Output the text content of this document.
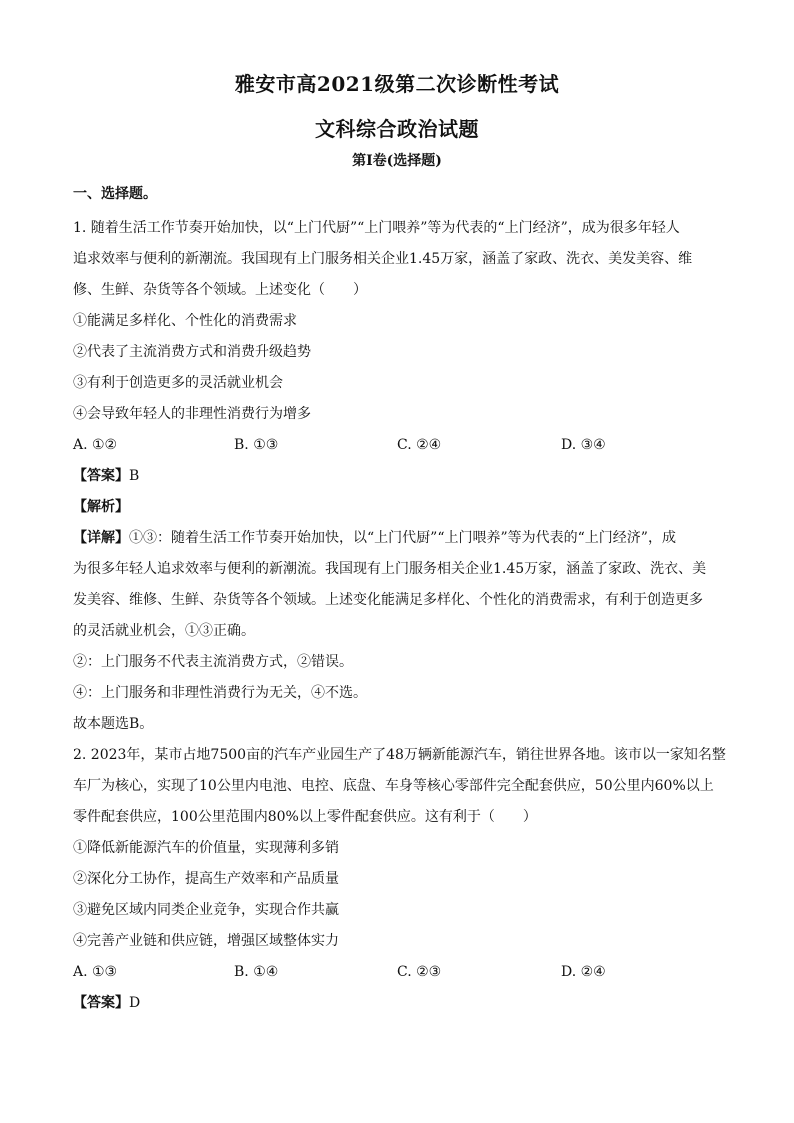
雅安市高2021级第二次诊断性考试
文科综合政治试题
第Ⅰ卷(选择题)
一、选择题。
1. 随着生活工作节奏开始加快，以“上门代厨”“上门喂养”等为代表的“上门经济”，成为很多年轻人
追求效率与便利的新潮流。我国现有上门服务相关企业1.45万家，涵盖了家政、洗衣、美发美容、维
修、生鲜、杂货等各个领域。上述变化（　　）
①能满足多样化、个性化的消费需求
②代表了主流消费方式和消费升级趋势
③有利于创造更多的灵活就业机会
④会导致年轻人的非理性消费行为增多
A. ①②	B. ①③	C. ②④	D. ③④
【答案】B
【解析】
【详解】①③：随着生活工作节奏开始加快，以“上门代厨”“上门喂养”等为代表的“上门经济”，成
为很多年轻人追求效率与便利的新潮流。我国现有上门服务相关企业1.45万家，涵盖了家政、洗衣、美
发美容、维修、生鲜、杂货等各个领域。上述变化能满足多样化、个性化的消费需求，有利于创造更多
的灵活就业机会，①③正确。
②：上门服务不代表主流消费方式，②错误。
④：上门服务和非理性消费行为无关，④不选。
故本题选B。
2. 2023年，某市占地7500亩的汽车产业园生产了48万辆新能源汽车，销往世界各地。该市以一家知名整
车厂为核心，实现了10公里内电池、电控、底盘、车身等核心零部件完全配套供应，50公里内60%以上
零件配套供应，100公里范围内80%以上零件配套供应。这有利于（　　）
①降低新能源汽车的价值量，实现薄利多销
②深化分工协作，提高生产效率和产品质量
③避免区域内同类企业竞争，实现合作共赢
④完善产业链和供应链，增强区域整体实力
A. ①③	B. ①④	C. ②③	D. ②④
【答案】D
